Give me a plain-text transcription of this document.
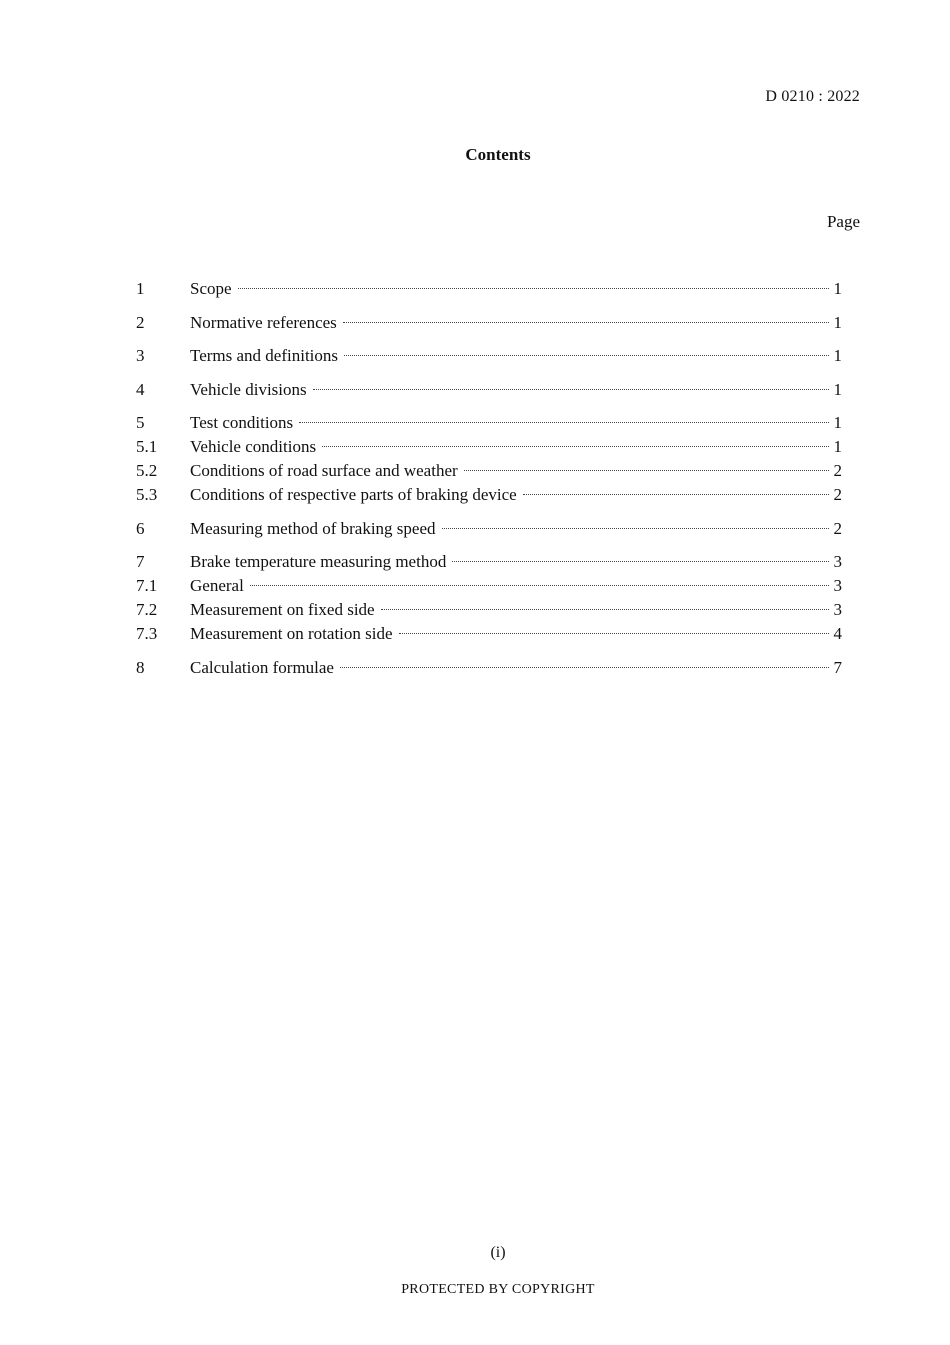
D 0210 : 2022
Contents
Page
1	Scope	1
2	Normative references	1
3	Terms and definitions	1
4	Vehicle divisions	1
5	Test conditions	1
5.1	Vehicle conditions	1
5.2	Conditions of road surface and weather	2
5.3	Conditions of respective parts of braking device	2
6	Measuring method of braking speed	2
7	Brake temperature measuring method	3
7.1	General	3
7.2	Measurement on fixed side	3
7.3	Measurement on rotation side	4
8	Calculation formulae	7
(i)
PROTECTED BY COPYRIGHT
